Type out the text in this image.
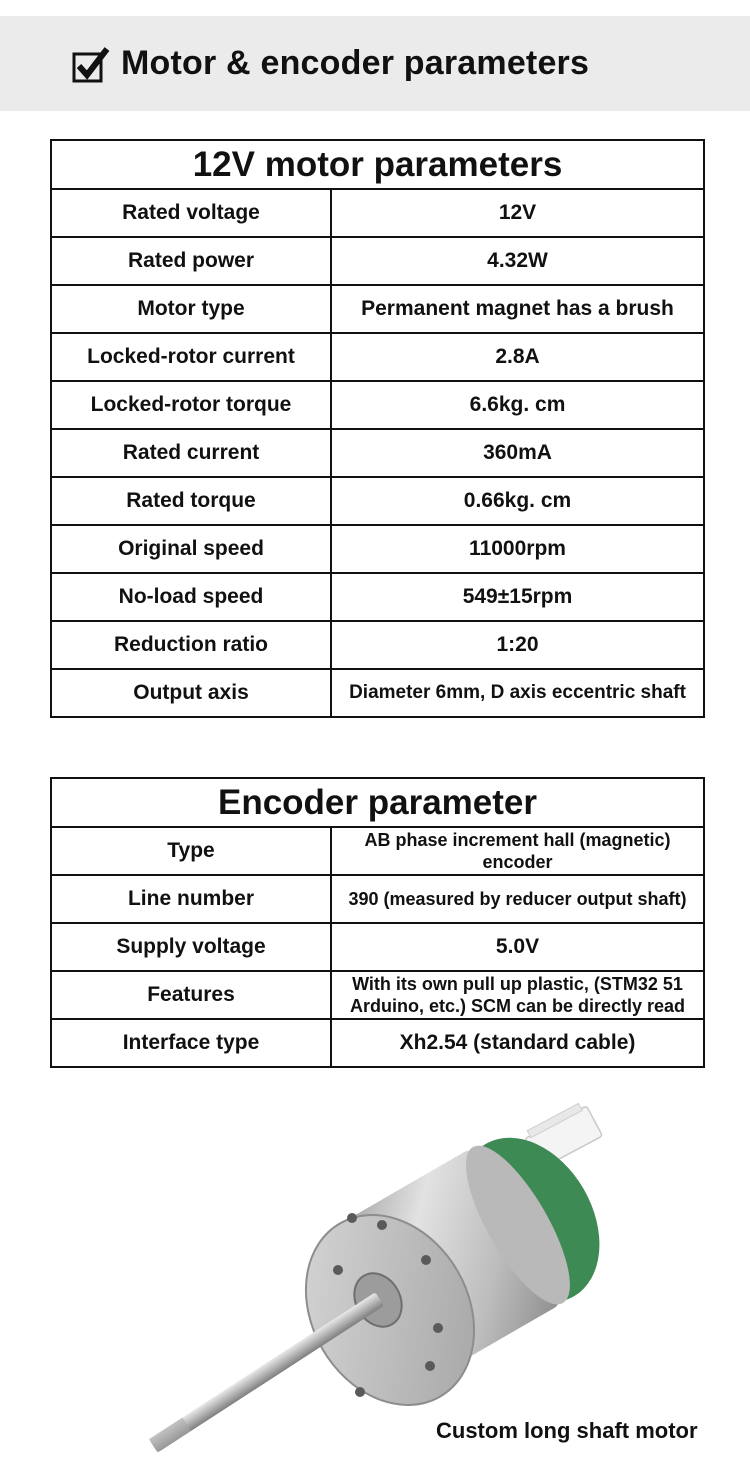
Motor & encoder parameters
12V motor parameters	
Rated voltage	12V
Rated power	4.32W
Motor type	Permanent magnet has a brush
Locked-rotor current	2.8A
Locked-rotor torque	6.6kg. cm
Rated current	360mA
Rated torque	0.66kg. cm
Original speed	11000rpm
No-load speed	549±15rpm
Reduction ratio	1:20
Output axis	Diameter 6mm, D axis eccentric shaft
Encoder parameter	
Type	AB phase increment hall (magnetic) encoder
Line number	390 (measured by reducer output shaft)
Supply voltage	5.0V
Features	With its own pull up plastic, (STM32 51 Arduino, etc.) SCM can be directly read
Interface type	Xh2.54 (standard cable)
Custom long shaft motor
